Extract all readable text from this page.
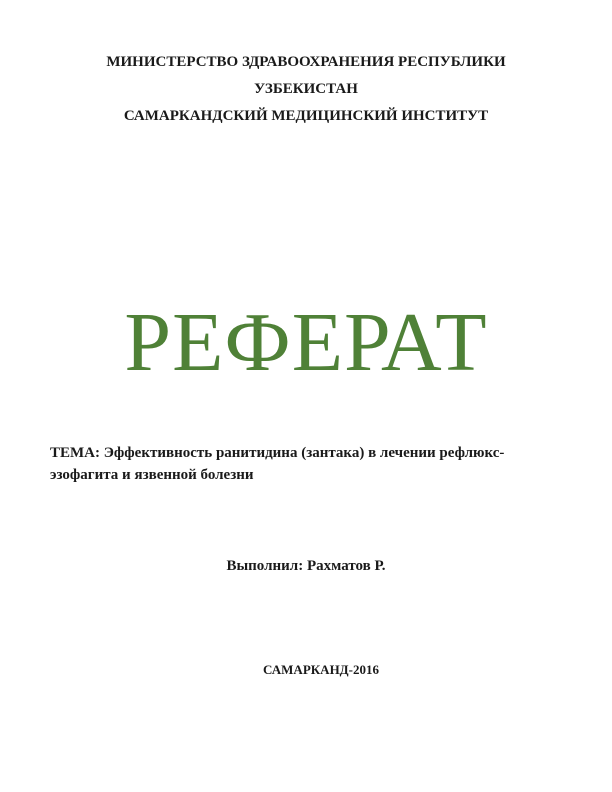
МИНИСТЕРСТВО ЗДРАВООХРАНЕНИЯ РЕСПУБЛИКИ
УЗБЕКИСТАН
САМАРКАНДСКИЙ МЕДИЦИНСКИЙ ИНСТИТУТ
РЕФЕРАТ
ТЕМА: Эффективность ранитидина (зантака) в лечении рефлюкс-эзофагита и язвенной болезни
Выполнил: Рахматов Р.
САМАРКАНД-2016
